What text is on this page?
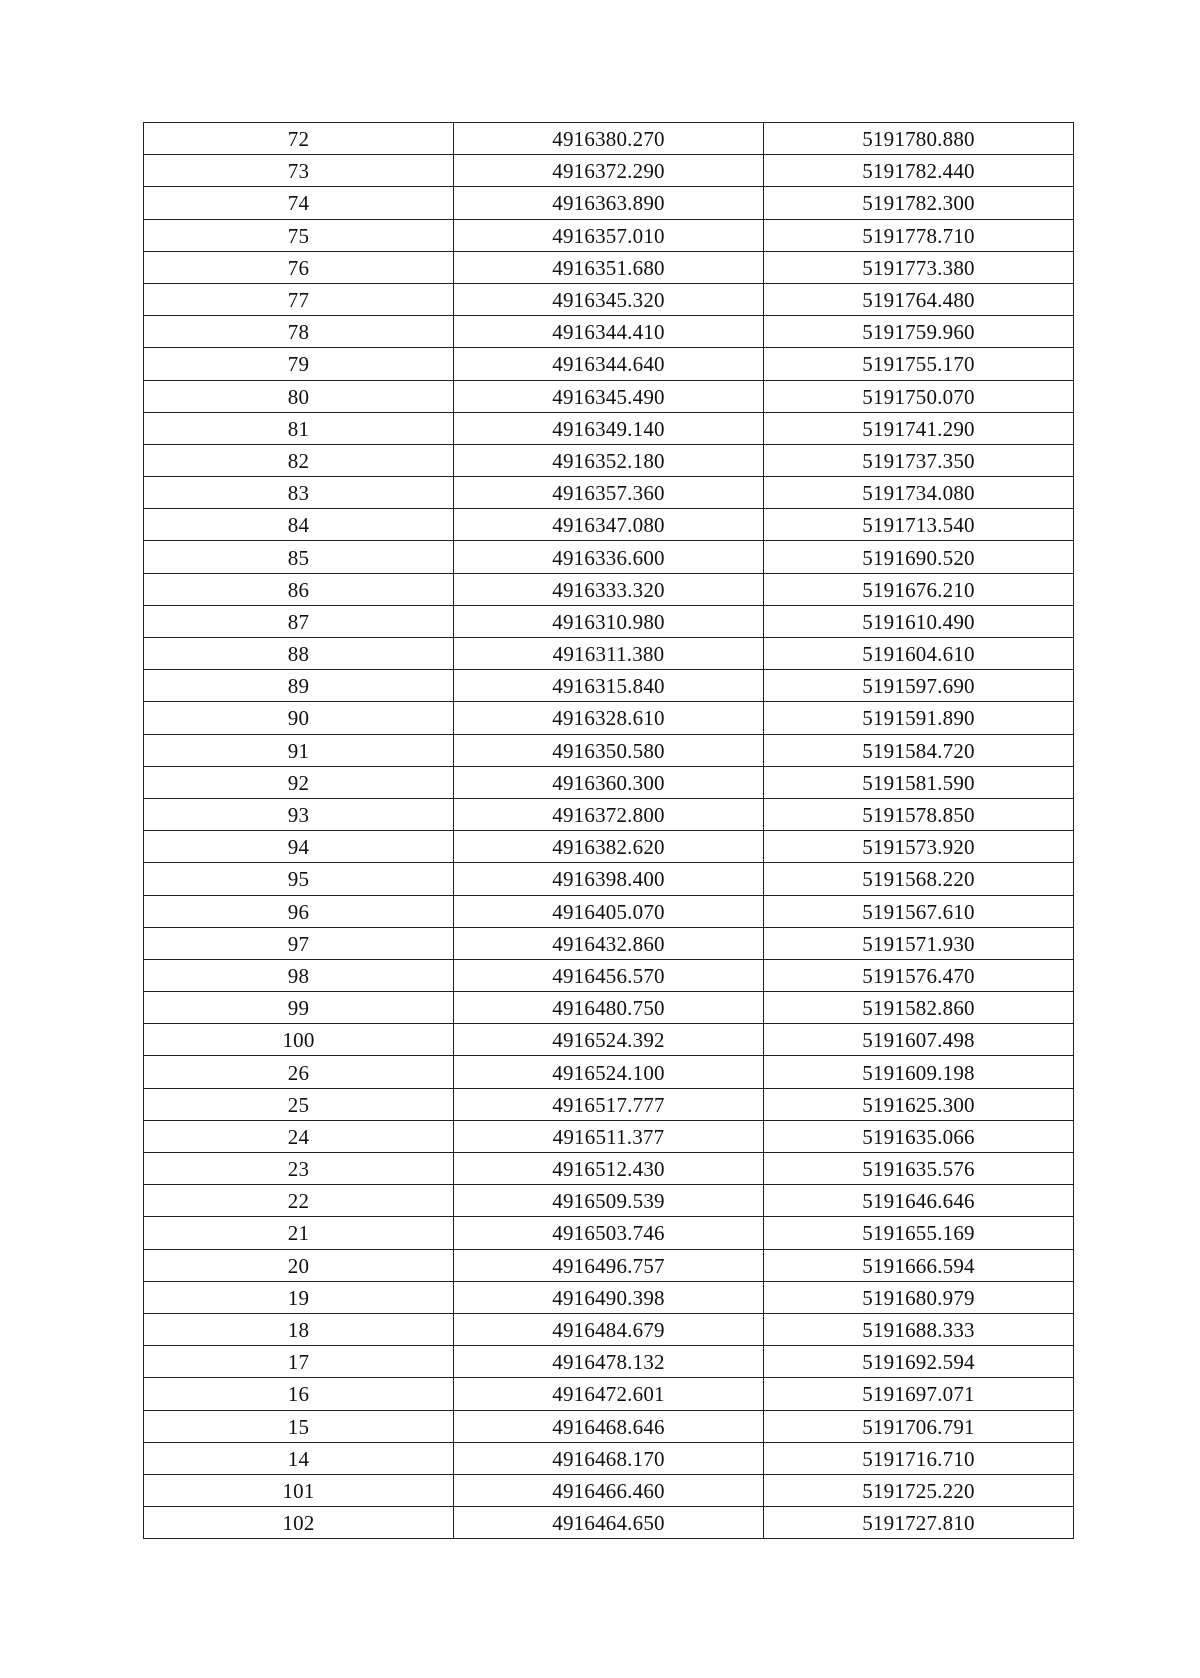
72	4916380.270	5191780.880
73	4916372.290	5191782.440
74	4916363.890	5191782.300
75	4916357.010	5191778.710
76	4916351.680	5191773.380
77	4916345.320	5191764.480
78	4916344.410	5191759.960
79	4916344.640	5191755.170
80	4916345.490	5191750.070
81	4916349.140	5191741.290
82	4916352.180	5191737.350
83	4916357.360	5191734.080
84	4916347.080	5191713.540
85	4916336.600	5191690.520
86	4916333.320	5191676.210
87	4916310.980	5191610.490
88	4916311.380	5191604.610
89	4916315.840	5191597.690
90	4916328.610	5191591.890
91	4916350.580	5191584.720
92	4916360.300	5191581.590
93	4916372.800	5191578.850
94	4916382.620	5191573.920
95	4916398.400	5191568.220
96	4916405.070	5191567.610
97	4916432.860	5191571.930
98	4916456.570	5191576.470
99	4916480.750	5191582.860
100	4916524.392	5191607.498
26	4916524.100	5191609.198
25	4916517.777	5191625.300
24	4916511.377	5191635.066
23	4916512.430	5191635.576
22	4916509.539	5191646.646
21	4916503.746	5191655.169
20	4916496.757	5191666.594
19	4916490.398	5191680.979
18	4916484.679	5191688.333
17	4916478.132	5191692.594
16	4916472.601	5191697.071
15	4916468.646	5191706.791
14	4916468.170	5191716.710
101	4916466.460	5191725.220
102	4916464.650	5191727.810
